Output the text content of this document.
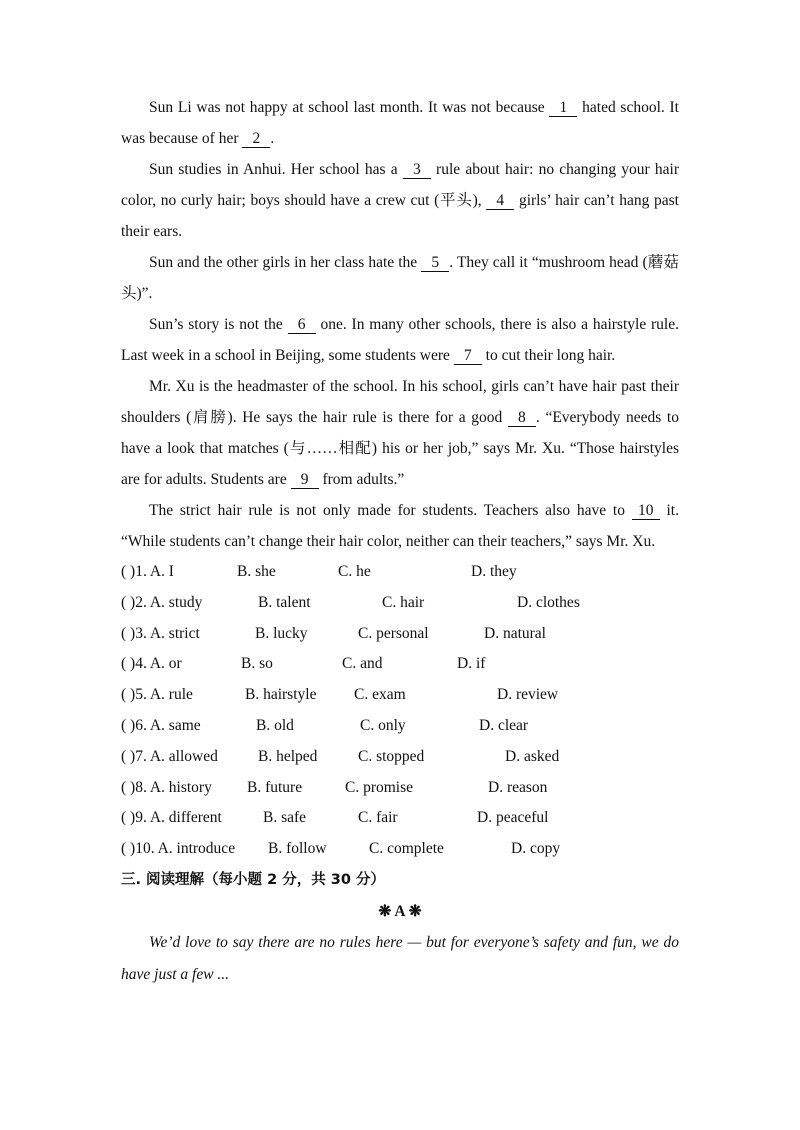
Sun Li was not happy at school last month. It was not because 1 hated school. It was because of her 2 .

Sun studies in Anhui. Her school has a 3 rule about hair: no changing your hair color, no curly hair; boys should have a crew cut (平头), 4 girls’ hair can’t hang past their ears.

Sun and the other girls in her class hate the 5 . They call it “mushroom head (蘑菇头)”.

Sun’s story is not the 6 one. In many other schools, there is also a hairstyle rule. Last week in a school in Beijing, some students were 7 to cut their long hair.

Mr. Xu is the headmaster of the school. In his school, girls can’t have hair past their shoulders (肩膀). He says the hair rule is there for a good 8 . “Everybody needs to have a look that matches (与……相配) his or her job,” says Mr. Xu. “Those hairstyles are for adults. Students are 9 from adults.”

The strict hair rule is not only made for students. Teachers also have to 10 it. “While students can’t change their hair color, neither can their teachers,” says Mr. Xu.

( )1. A. I	B. she	C. he	D. they
( )2. A. study	B. talent	C. hair	D. clothes
( )3. A. strict	B. lucky	C. personal	D. natural
( )4. A. or	B. so	C. and	D. if
( )5. A. rule	B. hairstyle C. exam	D. review
( )6. A. same	B. old	C. only	D. clear
( )7. A. allowed	B. helped	C. stopped	D. asked
( )8. A. history B. future	C. promise	D. reason
( )9. A. different	B. safe	C. fair	D. peaceful
( )10. A. introduce B. follow	C. complete	D. copy
三. 阅读理解（每小题 2 分，共 30 分）
❋ A ❋

We’d love to say there are no rules here — but for everyone’s safety and fun, we do have just a few ...
